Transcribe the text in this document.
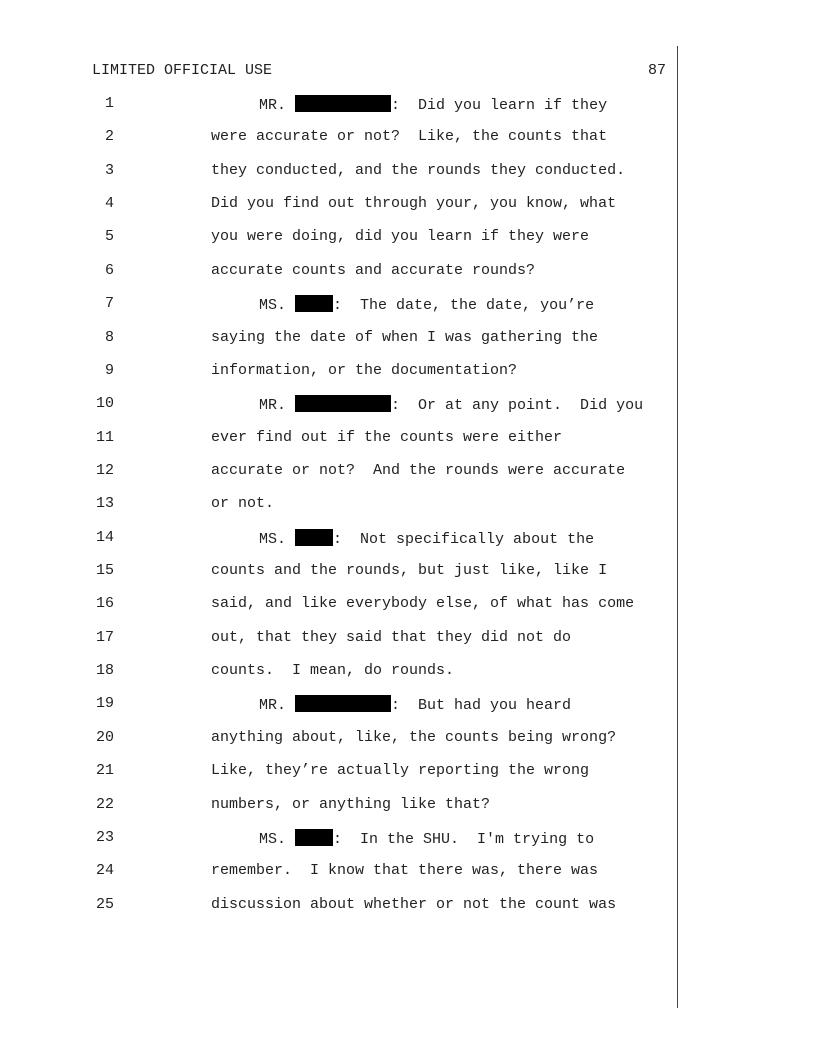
LIMITED OFFICIAL USE	87
1	MR.	:  Did you learn if they
2	were accurate or not?  Like, the counts that
3	they conducted, and the rounds they conducted.
4	Did you find out through your, you know, what
5	you were doing, did you learn if they were
6	accurate counts and accurate rounds?
7	MS.	:  The date, the date, you’re
8	saying the date of when I was gathering the
9	information, or the documentation?
10	MR.	:  Or at any point.  Did you
11	ever find out if the counts were either
12	accurate or not?  And the rounds were accurate
13	or not.
14	MS.	:  Not specifically about the
15	counts and the rounds, but just like, like I
16	said, and like everybody else, of what has come
17	out, that they said that they did not do
18	counts.  I mean, do rounds.
19	MR.	:  But had you heard
20	anything about, like, the counts being wrong?
21	Like, they’re actually reporting the wrong
22	numbers, or anything like that?
23	MS.	:  In the SHU.  I'm trying to
24	remember.  I know that there was, there was
25	discussion about whether or not the count was
